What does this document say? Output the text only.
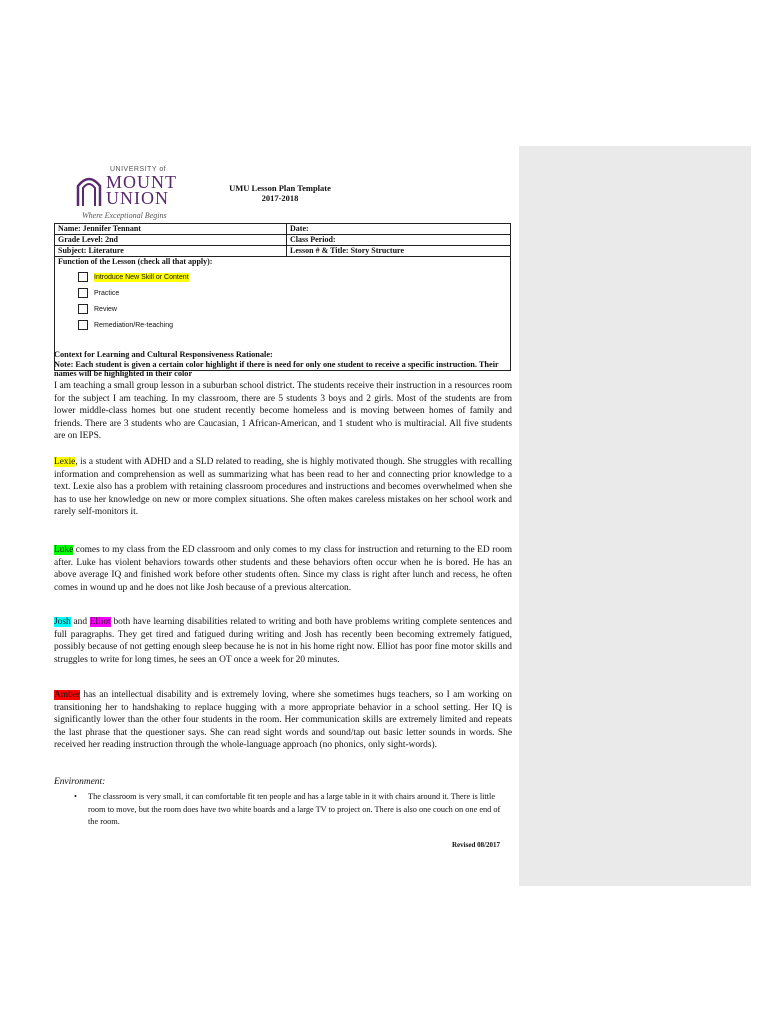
UNIVERSITY of
MOUNT
UNION
Where Exceptional Begins
UMU Lesson Plan Template
2017-2018
Name: Jennifer Tennant	Date:
Grade Level: 2nd	Class Period:
Subject: Literature	Lesson # & Title: Story Structure

Function of the Lesson (check all that apply):
Introduce New Skill or Content
Practice
Review
Remediation/Re-teaching	
Context for Learning and Cultural Responsiveness Rationale:
Note: Each student is given a certain color highlight if there is need for only one student to receive a specific instruction. Their names will be highlighted in their color
I am teaching a small group lesson in a suburban school district. The students receive their instruction in a resources room for the subject I am teaching. In my classroom, there are 5 students 3 boys and 2 girls. Most of the students are from lower middle-class homes but one student recently become homeless and is moving between homes of family and friends. There are 3 students who are Caucasian, 1 African-American, and 1 student who is multiracial. All five students are on IEPS.
Lexie, is a student with ADHD and a SLD related to reading, she is highly motivated though. She struggles with recalling information and comprehension as well as summarizing what has been read to her and connecting prior knowledge to a text. Lexie also has a problem with retaining classroom procedures and instructions and becomes overwhelmed when she has to use her knowledge on new or more complex situations. She often makes careless mistakes on her school work and rarely self-monitors it.
Luke comes to my class from the ED classroom and only comes to my class for instruction and returning to the ED room after. Luke has violent behaviors towards other students and these behaviors often occur when he is bored. He has an above average IQ and finished work before other students often. Since my class is right after lunch and recess, he often comes in wound up and he does not like Josh because of a previous altercation.
Josh and Elliot both have learning disabilities related to writing and both have problems writing complete sentences and full paragraphs. They get tired and fatigued during writing and Josh has recently been becoming extremely fatigued, possibly because of not getting enough sleep because he is not in his home right now. Elliot has poor fine motor skills and struggles to write for long times, he sees an OT once a week for 20 minutes.
Amber has an intellectual disability and is extremely loving, where she sometimes hugs teachers, so I am working on transitioning her to handshaking to replace hugging with a more appropriate behavior in a school setting. Her IQ is significantly lower than the other four students in the room. Her communication skills are extremely limited and repeats the last phrase that the questioner says. She can read sight words and sound/tap out basic letter sounds in words. She received her reading instruction through the whole-language approach (no phonics, only sight-words).
Environment:
• The classroom is very small, it can comfortable fit ten people and has a large table in it with chairs around it. There is little room to move, but the room does have two white boards and a large TV to project on. There is also one couch on one end of the room.
Revised 08/2017
